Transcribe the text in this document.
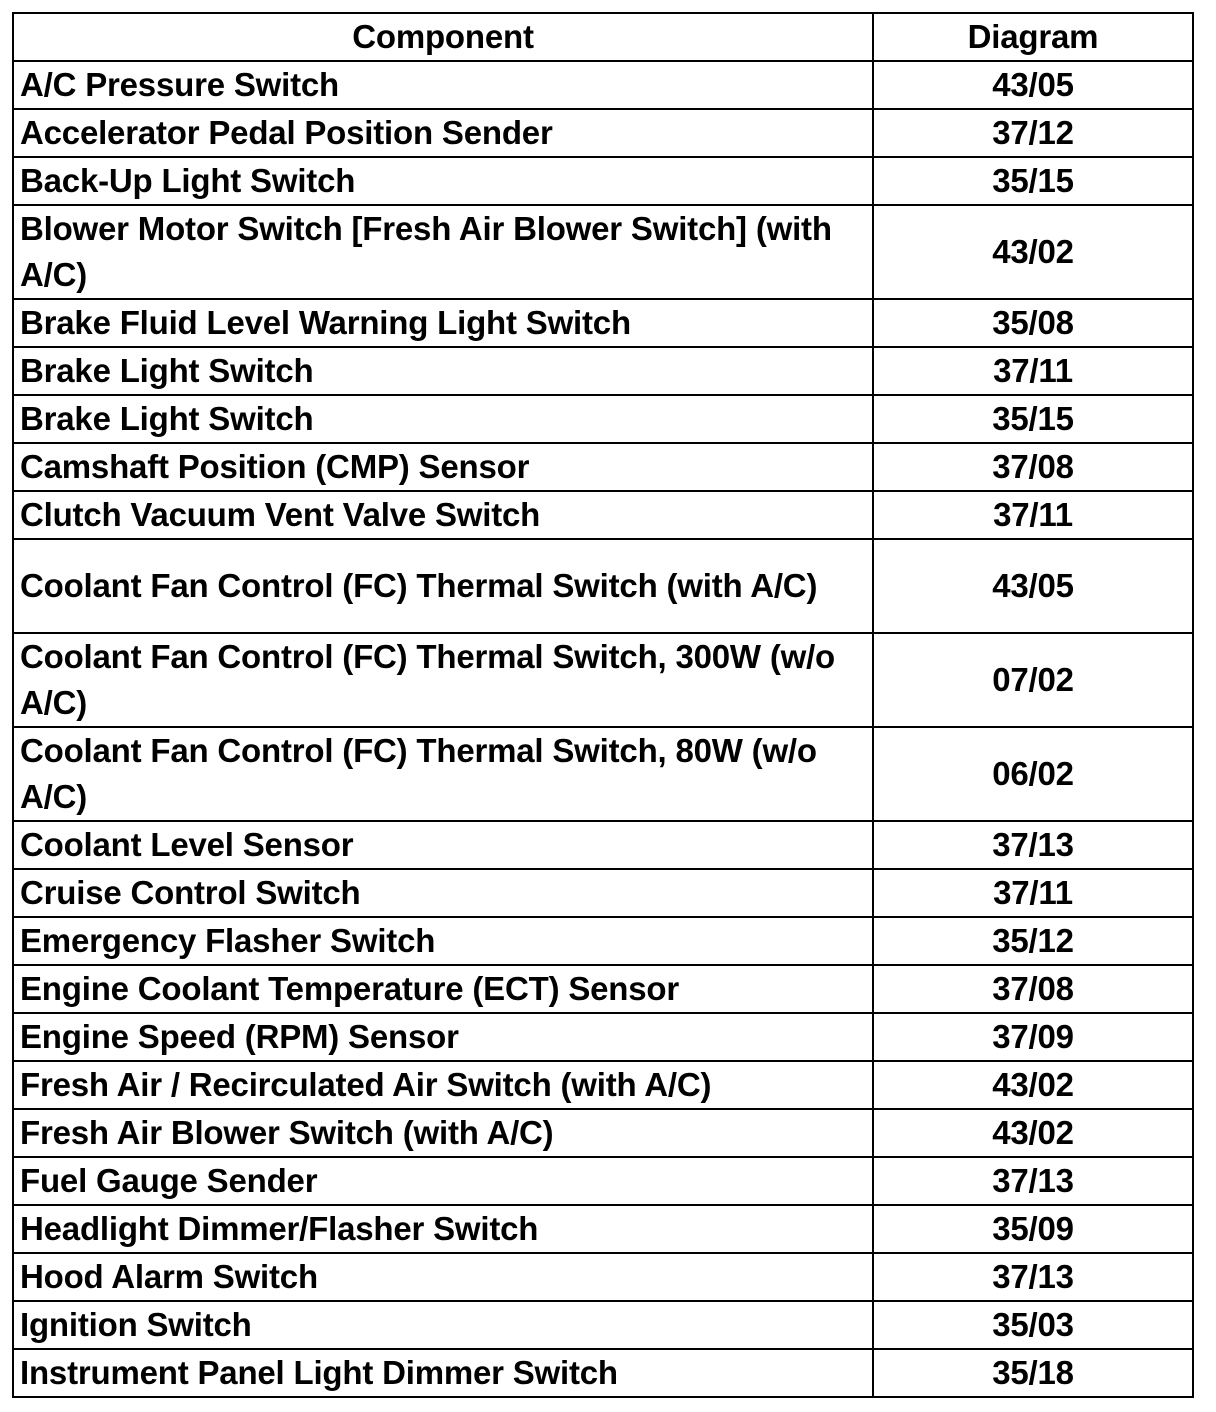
Component	Diagram
A/C Pressure Switch	43/05
Accelerator Pedal Position Sender	37/12
Back-Up Light Switch	35/15
Blower Motor Switch [Fresh Air Blower Switch] (with A/C)	43/02
Brake Fluid Level Warning Light Switch	35/08
Brake Light Switch	37/11
Brake Light Switch	35/15
Camshaft Position (CMP) Sensor	37/08
Clutch Vacuum Vent Valve Switch	37/11
Coolant Fan Control (FC) Thermal Switch (with A/C)	43/05
Coolant Fan Control (FC) Thermal Switch, 300W (w/o A/C)	07/02
Coolant Fan Control (FC) Thermal Switch, 80W (w/o A/C)	06/02
Coolant Level Sensor	37/13
Cruise Control Switch	37/11
Emergency Flasher Switch	35/12
Engine Coolant Temperature (ECT) Sensor	37/08
Engine Speed (RPM) Sensor	37/09
Fresh Air / Recirculated Air Switch (with A/C)	43/02
Fresh Air Blower Switch (with A/C)	43/02
Fuel Gauge Sender	37/13
Headlight Dimmer/Flasher Switch	35/09
Hood Alarm Switch	37/13
Ignition Switch	35/03
Instrument Panel Light Dimmer Switch	35/18
